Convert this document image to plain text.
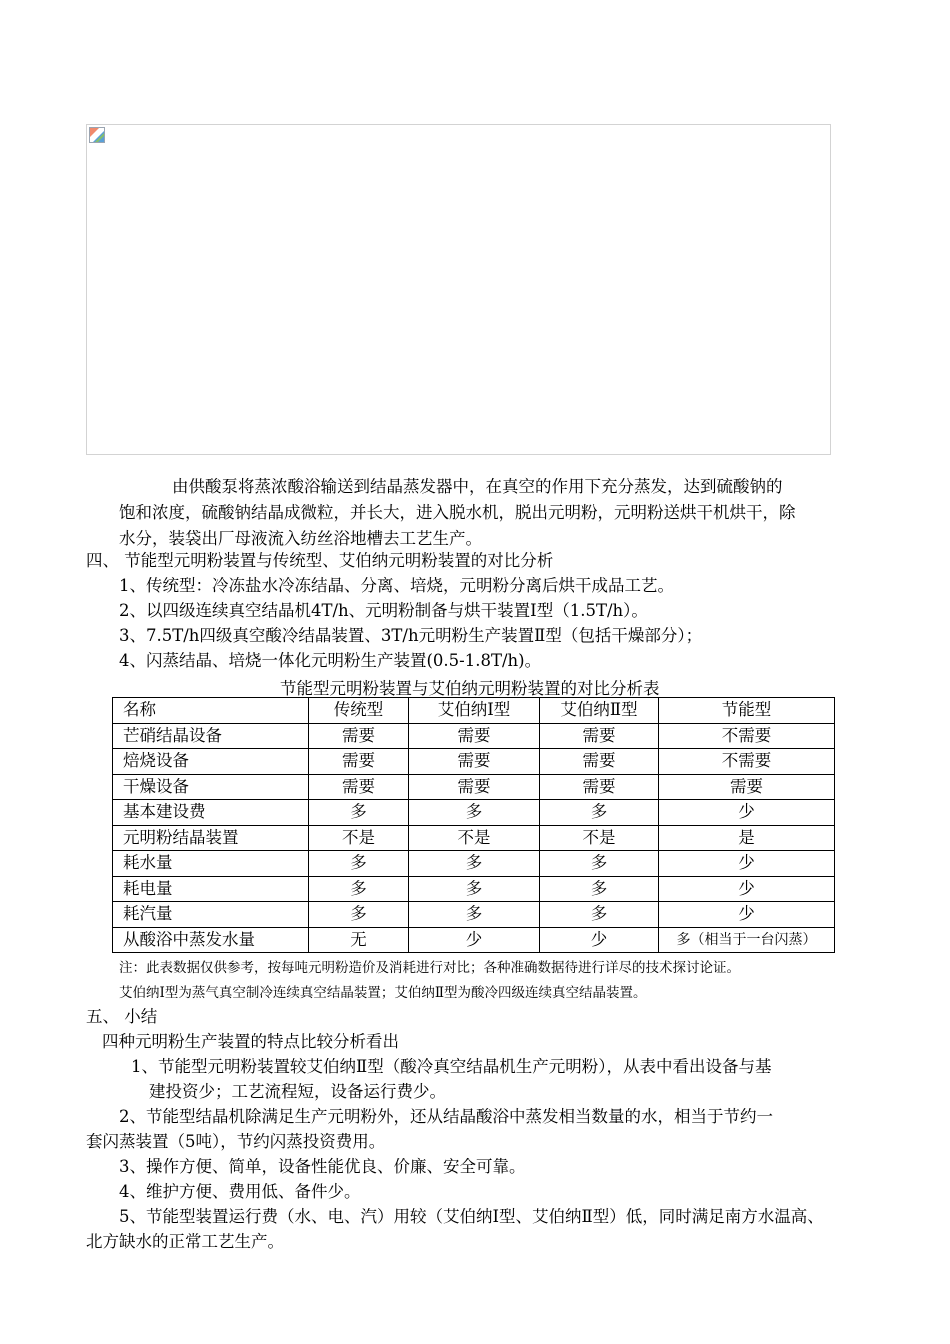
由供酸泵将蒸浓酸浴输送到结晶蒸发器中，在真空的作用下充分蒸发，达到硫酸钠的
饱和浓度，硫酸钠结晶成微粒，并长大，进入脱水机，脱出元明粉，元明粉送烘干机烘干，除
水分，装袋出厂母液流入纺丝浴地槽去工艺生产。
四、 节能型元明粉装置与传统型、艾伯纳元明粉装置的对比分析
1、传统型：冷冻盐水冷冻结晶、分离、培烧，元明粉分离后烘干成品工艺。
2、以四级连续真空结晶机4T/h、元明粉制备与烘干装置Ⅰ型（1.5T/h）。
3、7.5T/h四级真空酸冷结晶装置、3T/h元明粉生产装置Ⅱ型（包括干燥部分）；
4、闪蒸结晶、培烧一体化元明粉生产装置(0.5-1.8T/h)。
节能型元明粉装置与艾伯纳元明粉装置的对比分析表
名称	传统型	艾伯纳Ⅰ型	艾伯纳Ⅱ型	节能型
芒硝结晶设备	需要	需要	需要	不需要
焙烧设备	需要	需要	需要	不需要
干燥设备	需要	需要	需要	需要
基本建设费	多	多	多	少
元明粉结晶装置	不是	不是	不是	是
耗水量	多	多	多	少
耗电量	多	多	多	少
耗汽量	多	多	多	少
从酸浴中蒸发水量	无	少	少	多（相当于一台闪蒸）
注：此表数据仅供参考，按每吨元明粉造价及消耗进行对比；各种准确数据待进行详尽的技术探讨论证。
艾伯纳Ⅰ型为蒸气真空制冷连续真空结晶装置；艾伯纳Ⅱ型为酸冷四级连续真空结晶装置。
五、 小结
四种元明粉生产装置的特点比较分析看出
1、节能型元明粉装置较艾伯纳Ⅱ型（酸冷真空结晶机生产元明粉），从表中看出设备与基
建投资少；工艺流程短，设备运行费少。
2、节能型结晶机除满足生产元明粉外，还从结晶酸浴中蒸发相当数量的水，相当于节约一
套闪蒸装置（5吨），节约闪蒸投资费用。
3、操作方便、简单，设备性能优良、价廉、安全可靠。
4、维护方便、费用低、备件少。
5、节能型装置运行费（水、电、汽）用较（艾伯纳Ⅰ型、艾伯纳Ⅱ型）低，同时满足南方水温高、
北方缺水的正常工艺生产。
